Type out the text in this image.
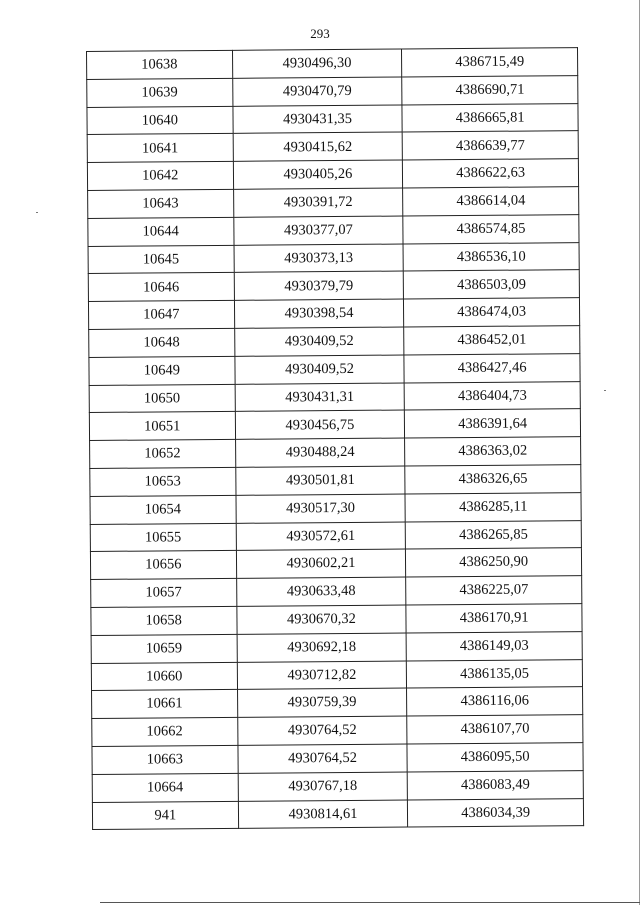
293
10638	4930496,30	4386715,49
10639	4930470,79	4386690,71
10640	4930431,35	4386665,81
10641	4930415,62	4386639,77
10642	4930405,26	4386622,63
10643	4930391,72	4386614,04
10644	4930377,07	4386574,85
10645	4930373,13	4386536,10
10646	4930379,79	4386503,09
10647	4930398,54	4386474,03
10648	4930409,52	4386452,01
10649	4930409,52	4386427,46
10650	4930431,31	4386404,73
10651	4930456,75	4386391,64
10652	4930488,24	4386363,02
10653	4930501,81	4386326,65
10654	4930517,30	4386285,11
10655	4930572,61	4386265,85
10656	4930602,21	4386250,90
10657	4930633,48	4386225,07
10658	4930670,32	4386170,91
10659	4930692,18	4386149,03
10660	4930712,82	4386135,05
10661	4930759,39	4386116,06
10662	4930764,52	4386107,70
10663	4930764,52	4386095,50
10664	4930767,18	4386083,49
941	4930814,61	4386034,39
